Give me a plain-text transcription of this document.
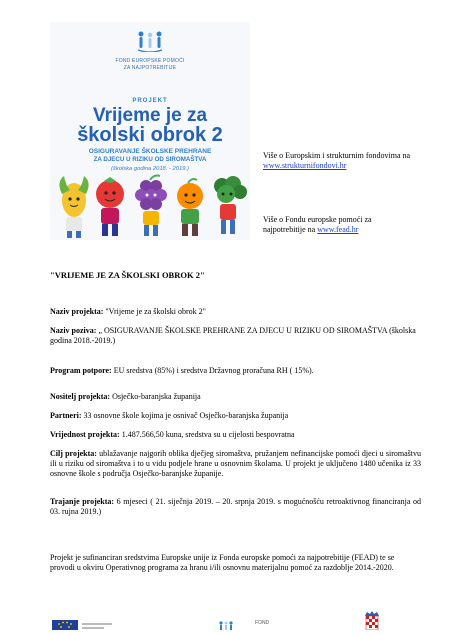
FOND EUROPSKE POMOĆI
ZA NAJPOTREBITIJE
PROJEKT
Vrijeme je za
školski obrok 2
OSIGURAVANJE ŠKOLSKE PREHRANE
ZA DJECU U RIZIKU OD SIROMAŠTVA
(školska godina 2018. - 2019.)
Više o Europskim i strukturnim fondovima na
www.strukturnifondovi.hr
Više o Fondu europske pomoći za najpotrebitije na www.fead.hr
"VRIJEME JE ZA ŠKOLSKI OBROK 2"
Naziv projekta: "Vrijeme je za školski obrok 2"
Naziv poziva: „ OSIGURAVANJE ŠKOLSKE PREHRANE ZA DJECU U RIZIKU OD SIROMAŠTVA (školska godina 2018.-2019.)
Program potpore: EU sredstva (85%) i sredstva Državnog proračuna RH ( 15%).
Nositelj projekta: Osječko-baranjska županija
Partneri: 33 osnovne škole kojima je osnivač Osječko-baranjska županija
Vrijednost projekta: 1.487.566,50 kuna, sredstva su u cijelosti bespovratna
Cilj projekta: ublažavanje najgorih oblika dječjeg siromaštva, pružanjem nefinancijske pomoći djeci u siromaštvu ili u riziku od siromaštva i to u vidu podjele hrane u osnovnim školama. U projekt je uključeno 1480 učenika iz 33 osnovne škole s područja Osječko-baranjske županije.
Trajanje projekta: 6 mjeseci ( 21. siječnja 2019. – 20. srpnja 2019. s mogućnošću retroaktivnog financiranja od 03. rujna 2019.)
Projekt je sufinanciran sredstvima Europske unije iz Fonda europske pomoći za najpotrebitije (FEAD) te se provodi u okviru Operativnog programa za hranu i/ili osnovnu materijalnu pomoć za razdoblje 2014.-2020.
FOND
